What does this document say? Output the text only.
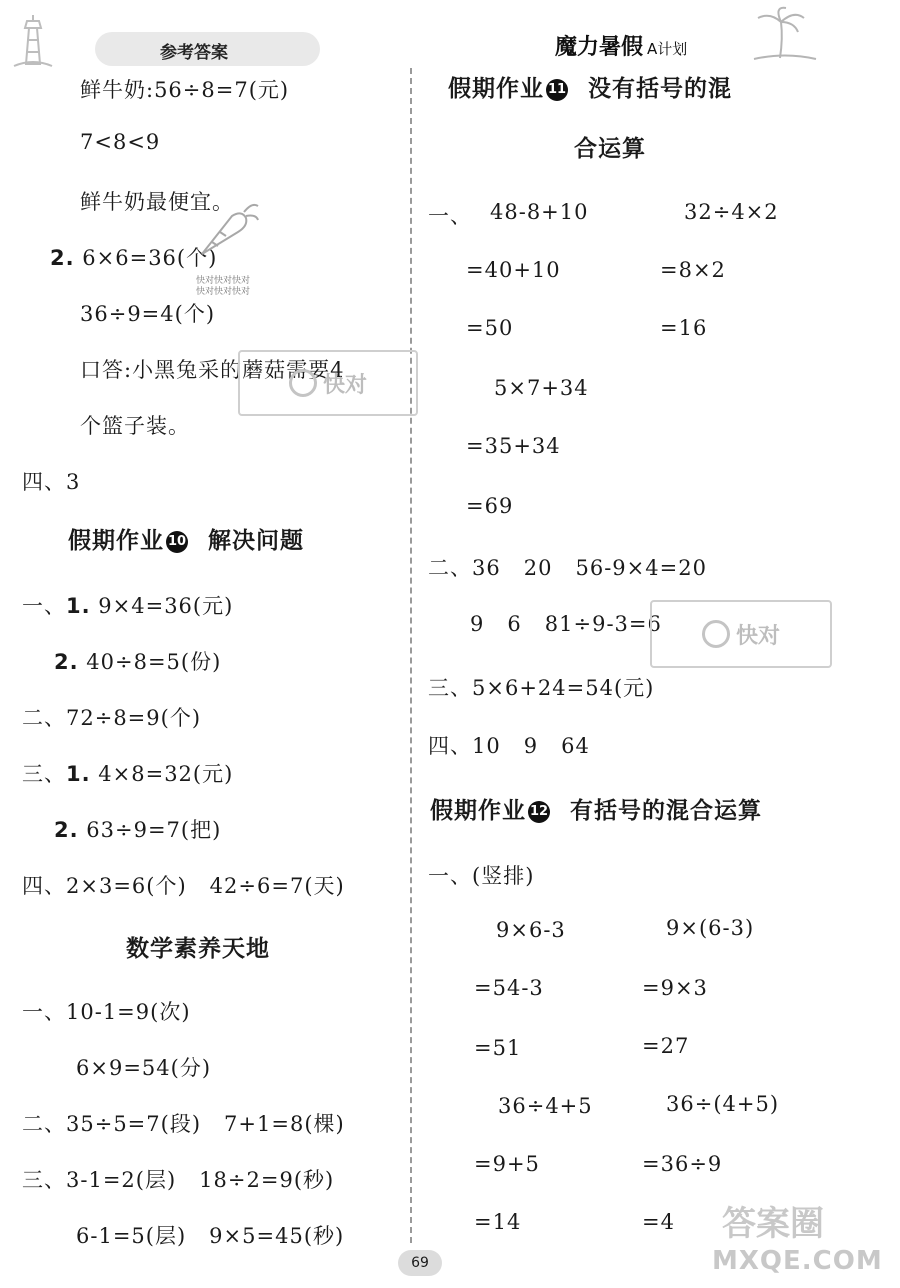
参考答案	魔力暑假 A计划
鲜牛奶:56÷8=7(元)
7<8<9
鲜牛奶最便宜。
2. 6×6=36(个)
快对快对快对
快对快对快对
36÷9=4(个)
口答:小黑兔采的蘑菇需要4
个篮子装。
快对
四、3
假期作业 10 解决问题
一、1. 9×4=36(元)
2. 40÷8=5(份)
二、72÷8=9(个)
三、1. 4×8=32(元)
2. 63÷9=7(把)
四、2×3=6(个)   42÷6=7(天)
数学素养天地
一、10-1=9(次)
6×9=54(分)
二、35÷5=7(段)   7+1=8(棵)
三、3-1=2(层)   18÷2=9(秒)
6-1=5(层)   9×5=45(秒)
假期作业 11 没有括号的混
合运算
一、 48-8+10	32÷4×2
=40+10	=8×2
=50	=16
5×7+34
=35+34
=69
二、36   20   56-9×4=20
9   6   81÷9-3=6	快对
三、5×6+24=54(元)
四、10   9   64
假期作业 12 有括号的混合运算
一、(竖排)
9×6-3	9×(6-3)
=54-3	=9×3
=51	=27
36÷4+5	36÷(4+5)
=9+5	=36÷9
=14	=4
69
答案圈
MXQE.COM
